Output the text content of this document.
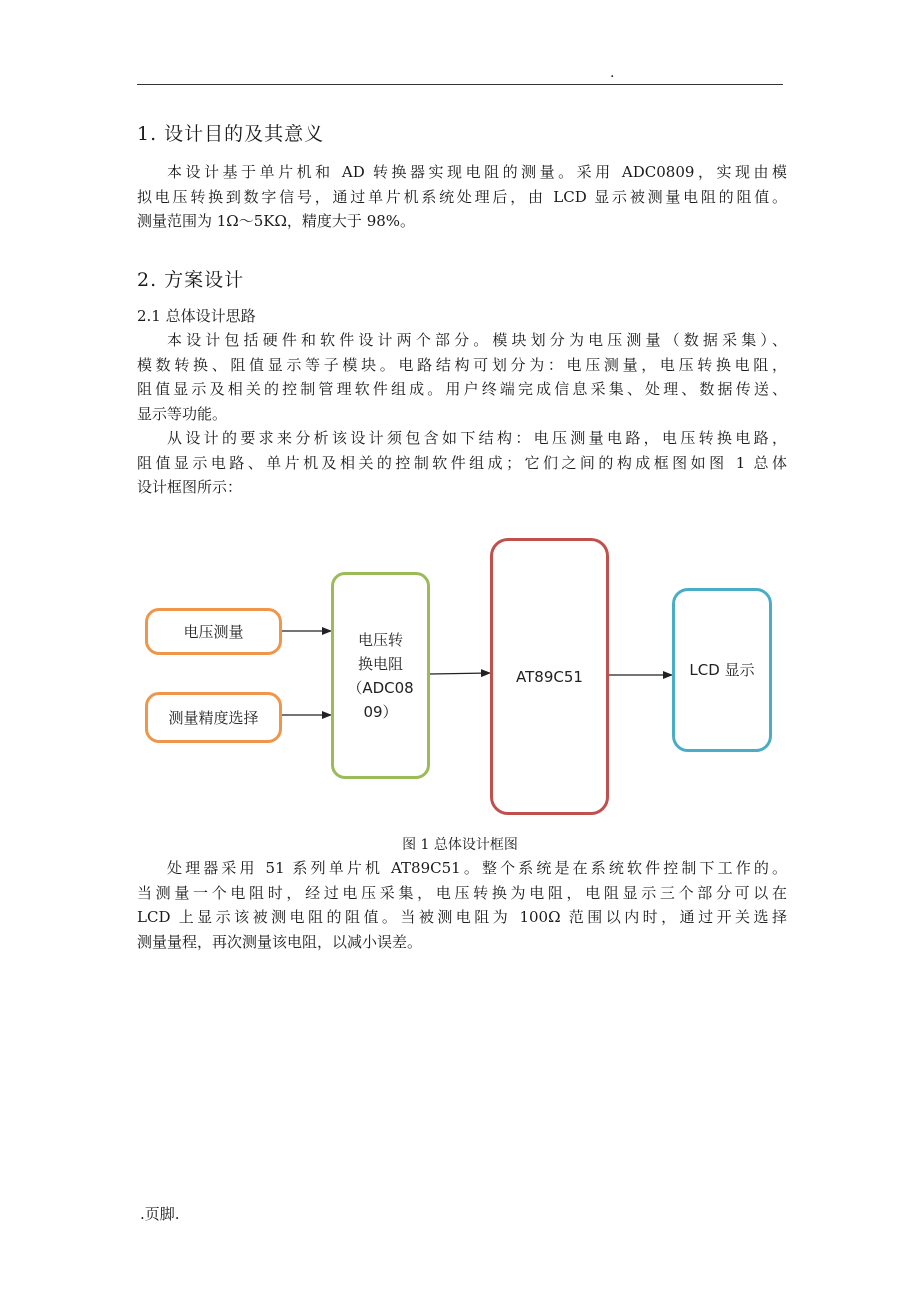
.
1. 设计目的及其意义
本设计基于单片机和 AD 转换器实现电阻的测量。采用 ADC0809，实现由模
拟电压转换到数字信号，通过单片机系统处理后，由 LCD 显示被测量电阻的阻值。
测量范围为 1Ω～5KΩ，精度大于 98%。
2. 方案设计
2.1 总体设计思路
本设计包括硬件和软件设计两个部分。模块划分为电压测量（数据采集）、
模数转换、阻值显示等子模块。电路结构可划分为：电压测量，电压转换电阻，
阻值显示及相关的控制管理软件组成。用户终端完成信息采集、处理、数据传送、
显示等功能。
从设计的要求来分析该设计须包含如下结构：电压测量电路，电压转换电路，
阻值显示电路、单片机及相关的控制软件组成；它们之间的构成框图如图 1 总体
设计框图所示：
电压测量
测量精度选择
电压转
换电阻
（ADC08
09）
AT89C51	LCD 显示
图 1 总体设计框图
处理器采用 51 系列单片机 AT89C51。整个系统是在系统软件控制下工作的。
当测量一个电阻时，经过电压采集，电压转换为电阻，电阻显示三个部分可以在
LCD 上显示该被测电阻的阻值。当被测电阻为 100Ω 范围以内时，通过开关选择
测量量程，再次测量该电阻，以减小误差。
.页脚.
